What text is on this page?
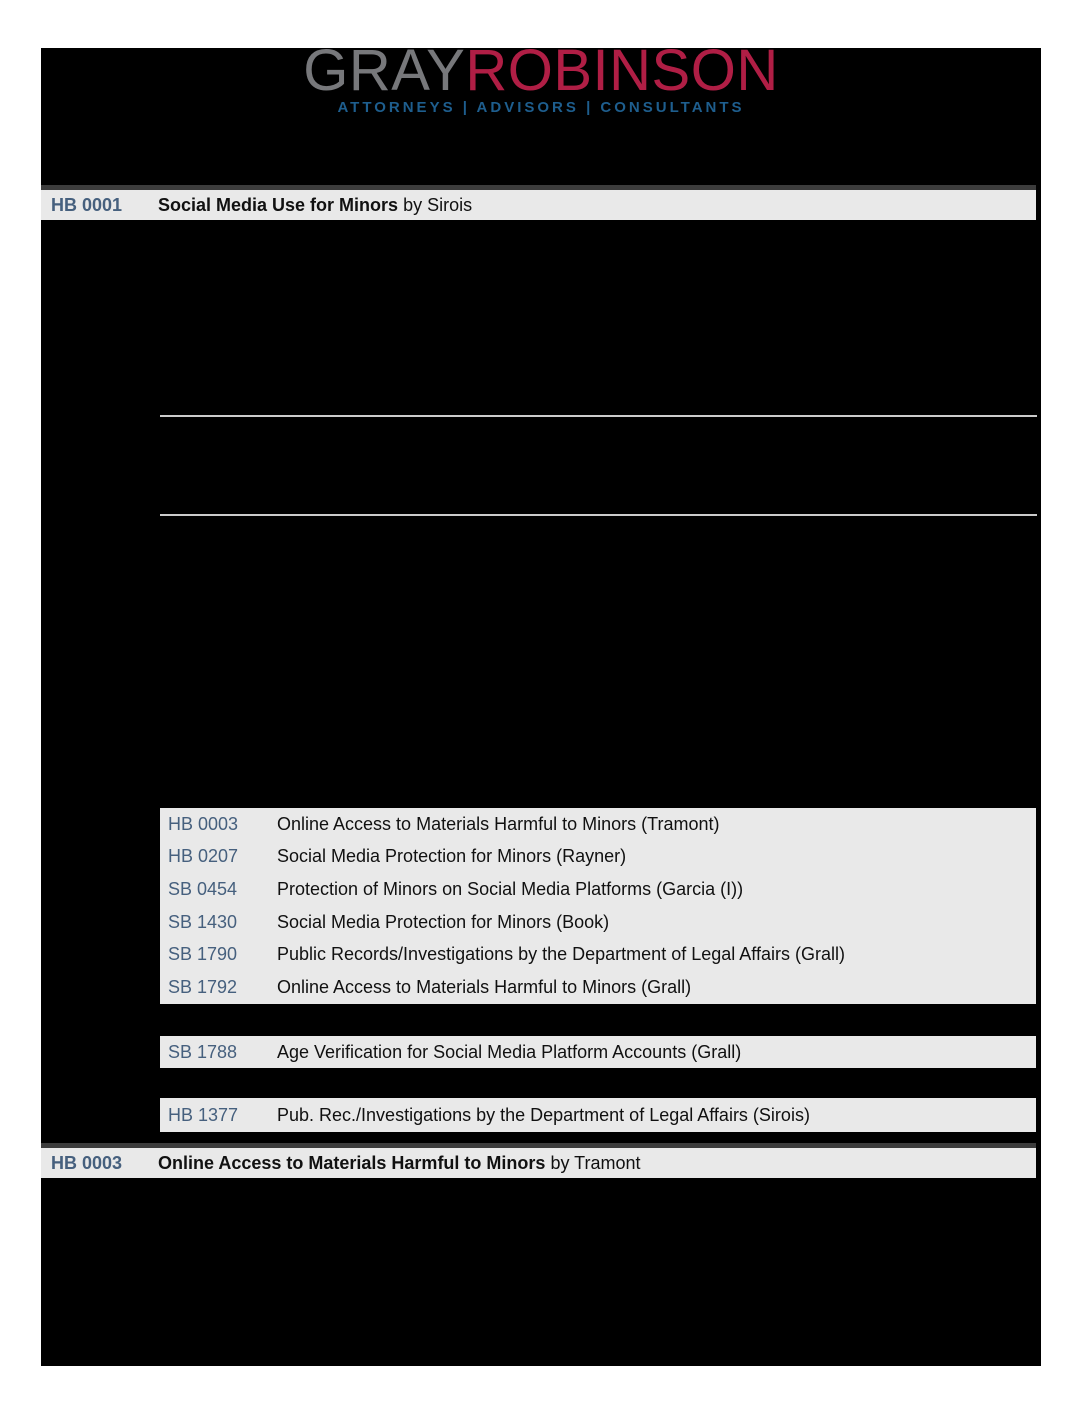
GRAYROBINSON
ATTORNEYS | ADVISORS | CONSULTANTS
HB 0001 Social Media Use for Minors by Sirois
HB 0003	Online Access to Materials Harmful to Minors (Tramont)
HB 0207	Social Media Protection for Minors (Rayner)
SB 0454	Protection of Minors on Social Media Platforms (Garcia (I))
SB 1430	Social Media Protection for Minors (Book)
SB 1790	Public Records/Investigations by the Department of Legal Affairs (Grall)
SB 1792	Online Access to Materials Harmful to Minors (Grall)
SB 1788	Age Verification for Social Media Platform Accounts (Grall)
HB 1377	Pub. Rec./Investigations by the Department of Legal Affairs (Sirois)
HB 0003 Online Access to Materials Harmful to Minors by Tramont
